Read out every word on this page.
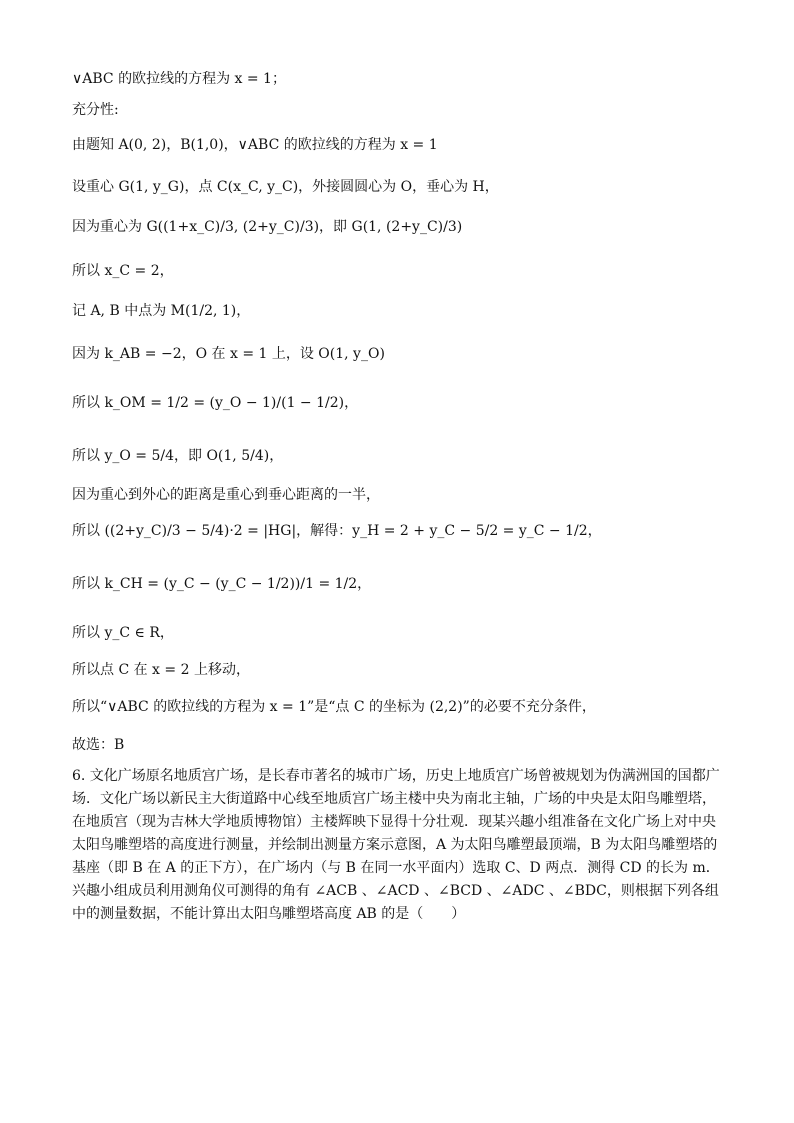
∨ABC 的欧拉线的方程为 x = 1；
充分性:
由题知 A(0, 2)，B(1,0)，∨ABC 的欧拉线的方程为 x = 1
设重心 G(1, y_G)，点 C(x_C, y_C)，外接圆圆心为 O，垂心为 H，
因为重心为 G((1+x_C)/3, (2+y_C)/3)，即 G(1, (2+y_C)/3)
所以 x_C = 2，
记 A, B 中点为 M(1/2, 1)，
因为 k_AB = −2，O 在 x = 1 上，设 O(1, y_O)
所以 k_OM = 1/2 = (y_O − 1)/(1 − 1/2)，
所以 y_O = 5/4，即 O(1, 5/4)，
因为重心到外心的距离是重心到垂心距离的一半，
所以 ((2+y_C)/3 − 5/4)·2 = |HG|，解得：y_H = 2 + y_C − 5/2 = y_C − 1/2，
所以 k_CH = (y_C − (y_C − 1/2))/1 = 1/2，
所以 y_C ∈ R，
所以点 C 在 x = 2 上移动，
所以“∨ABC 的欧拉线的方程为 x = 1”是“点 C 的坐标为 (2,2)”的必要不充分条件，
故选：B
6. 文化广场原名地质宫广场，是长春市著名的城市广场，历史上地质宫广场曾被规划为伪满洲国的国都广场．文化广场以新民主大街道路中心线至地质宫广场主楼中央为南北主轴，广场的中央是太阳鸟雕塑塔，在地质宫（现为吉林大学地质博物馆）主楼辉映下显得十分壮观．现某兴趣小组准备在文化广场上对中央太阳鸟雕塑塔的高度进行测量，并绘制出测量方案示意图，A 为太阳鸟雕塑最顶端，B 为太阳鸟雕塑塔的基座（即 B 在 A 的正下方），在广场内（与 B 在同一水平面内）选取 C、D 两点．测得 CD 的长为 m．兴趣小组成员利用测角仪可测得的角有 ∠ACB 、∠ACD 、∠BCD 、∠ADC 、∠BDC，则根据下列各组中的测量数据，不能计算出太阳鸟雕塑塔高度 AB 的是（　　）
